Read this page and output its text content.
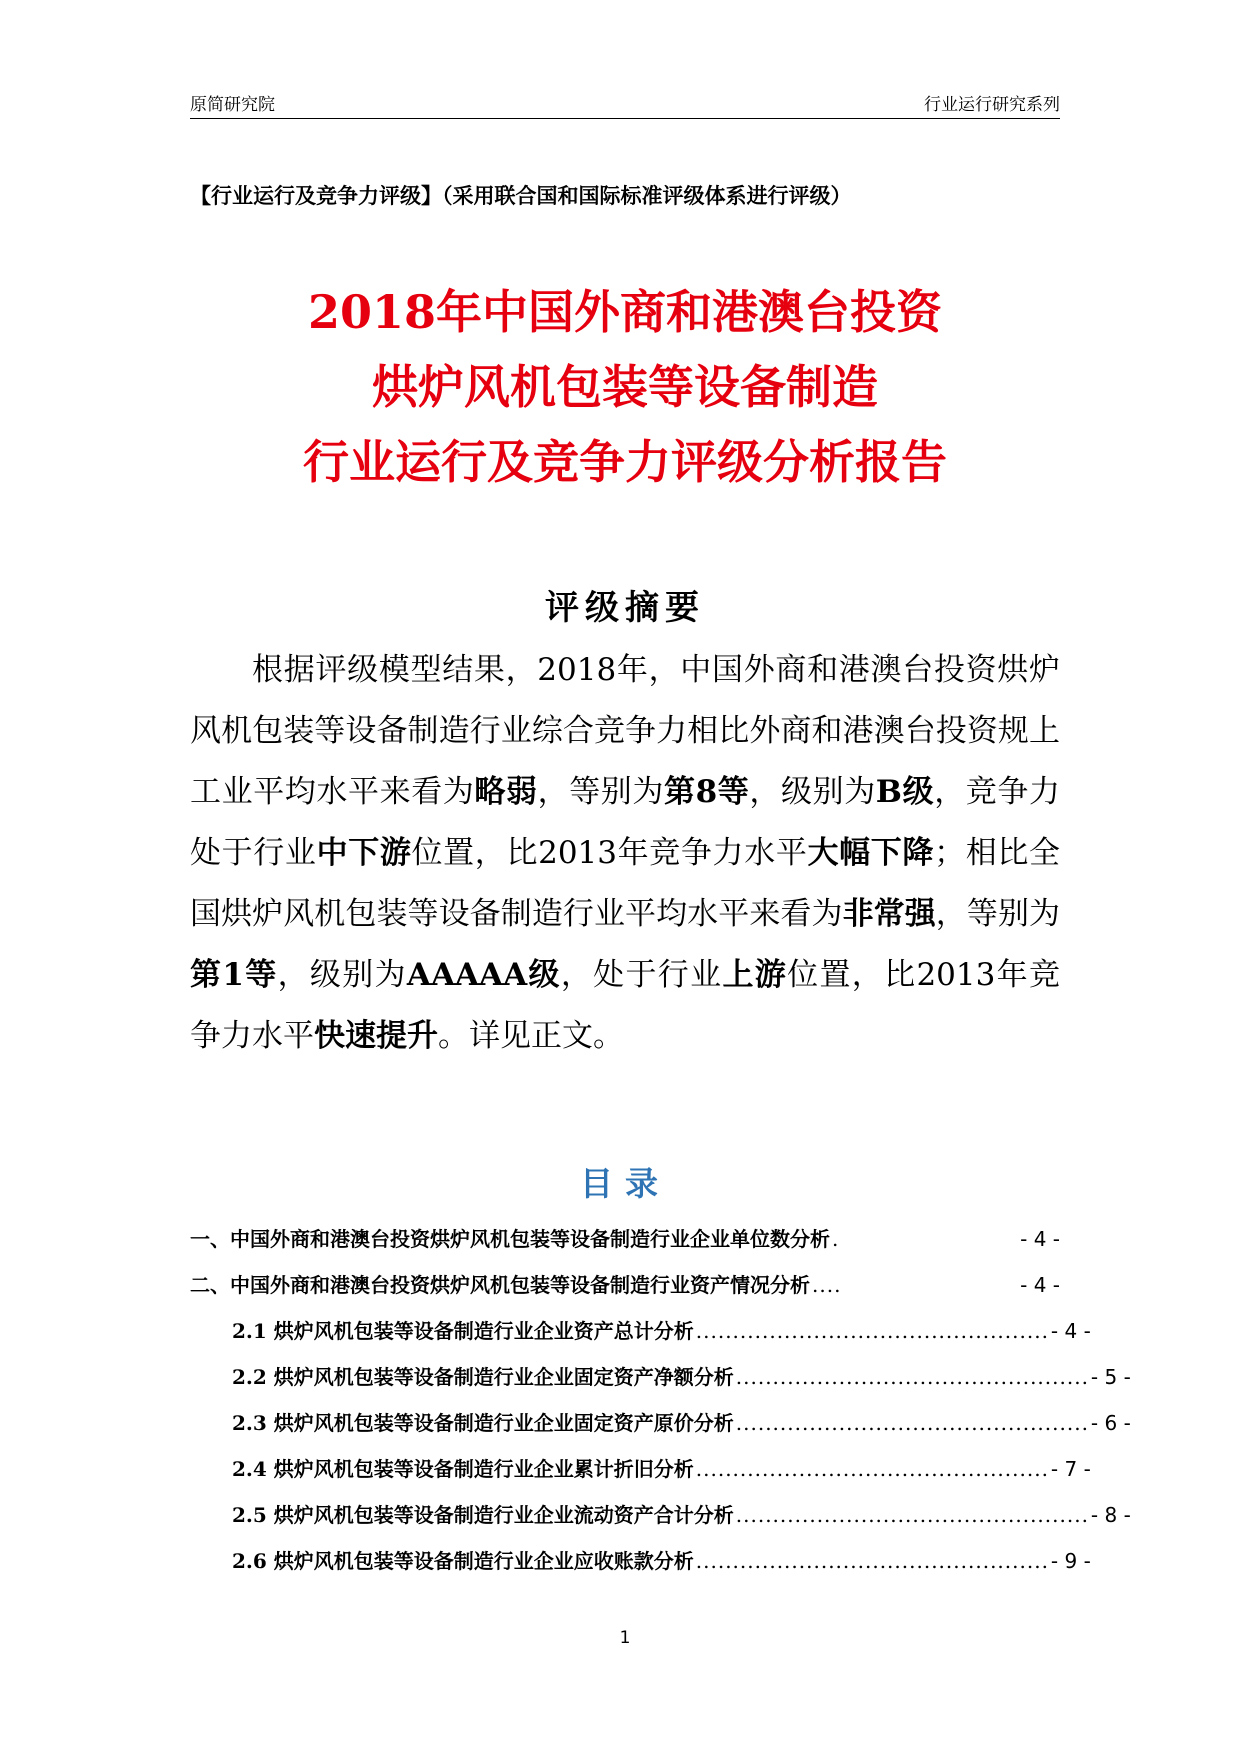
原简研究院	行业运行研究系列
【行业运行及竞争力评级】（采用联合国和国际标准评级体系进行评级）
2018年中国外商和港澳台投资
烘炉风机包装等设备制造
行业运行及竞争力评级分析报告
评级摘要

根据评级模型结果，2018年，中国外商和港澳台投资烘炉风机包装等设备制造行业综合竞争力相比外商和港澳台投资规上工业平均水平来看为略弱，等别为第8等，级别为B级，竞争力处于行业中下游位置，比2013年竞争力水平大幅下降；相比全国烘炉风机包装等设备制造行业平均水平来看为非常强，等别为第1等，级别为AAAAA级，处于行业上游位置，比2013年竞争力水平快速提升。详见正文。

目录
一、中国外商和港澳台投资烘炉风机包装等设备制造行业企业单位数分析 .	- 4 -
二、中国外商和港澳台投资烘炉风机包装等设备制造行业资产情况分析 ....	- 4 -
2.1 烘炉风机包装等设备制造行业企业资产总计分析 ................................................ - 4 -
2.2 烘炉风机包装等设备制造行业企业固定资产净额分析 ................................................ - 5 -
2.3 烘炉风机包装等设备制造行业企业固定资产原价分析 ................................................ - 6 -
2.4 烘炉风机包装等设备制造行业企业累计折旧分析 ................................................ - 7 -
2.5 烘炉风机包装等设备制造行业企业流动资产合计分析 ................................................ - 8 -
2.6 烘炉风机包装等设备制造行业企业应收账款分析 ................................................ - 9 -
1
